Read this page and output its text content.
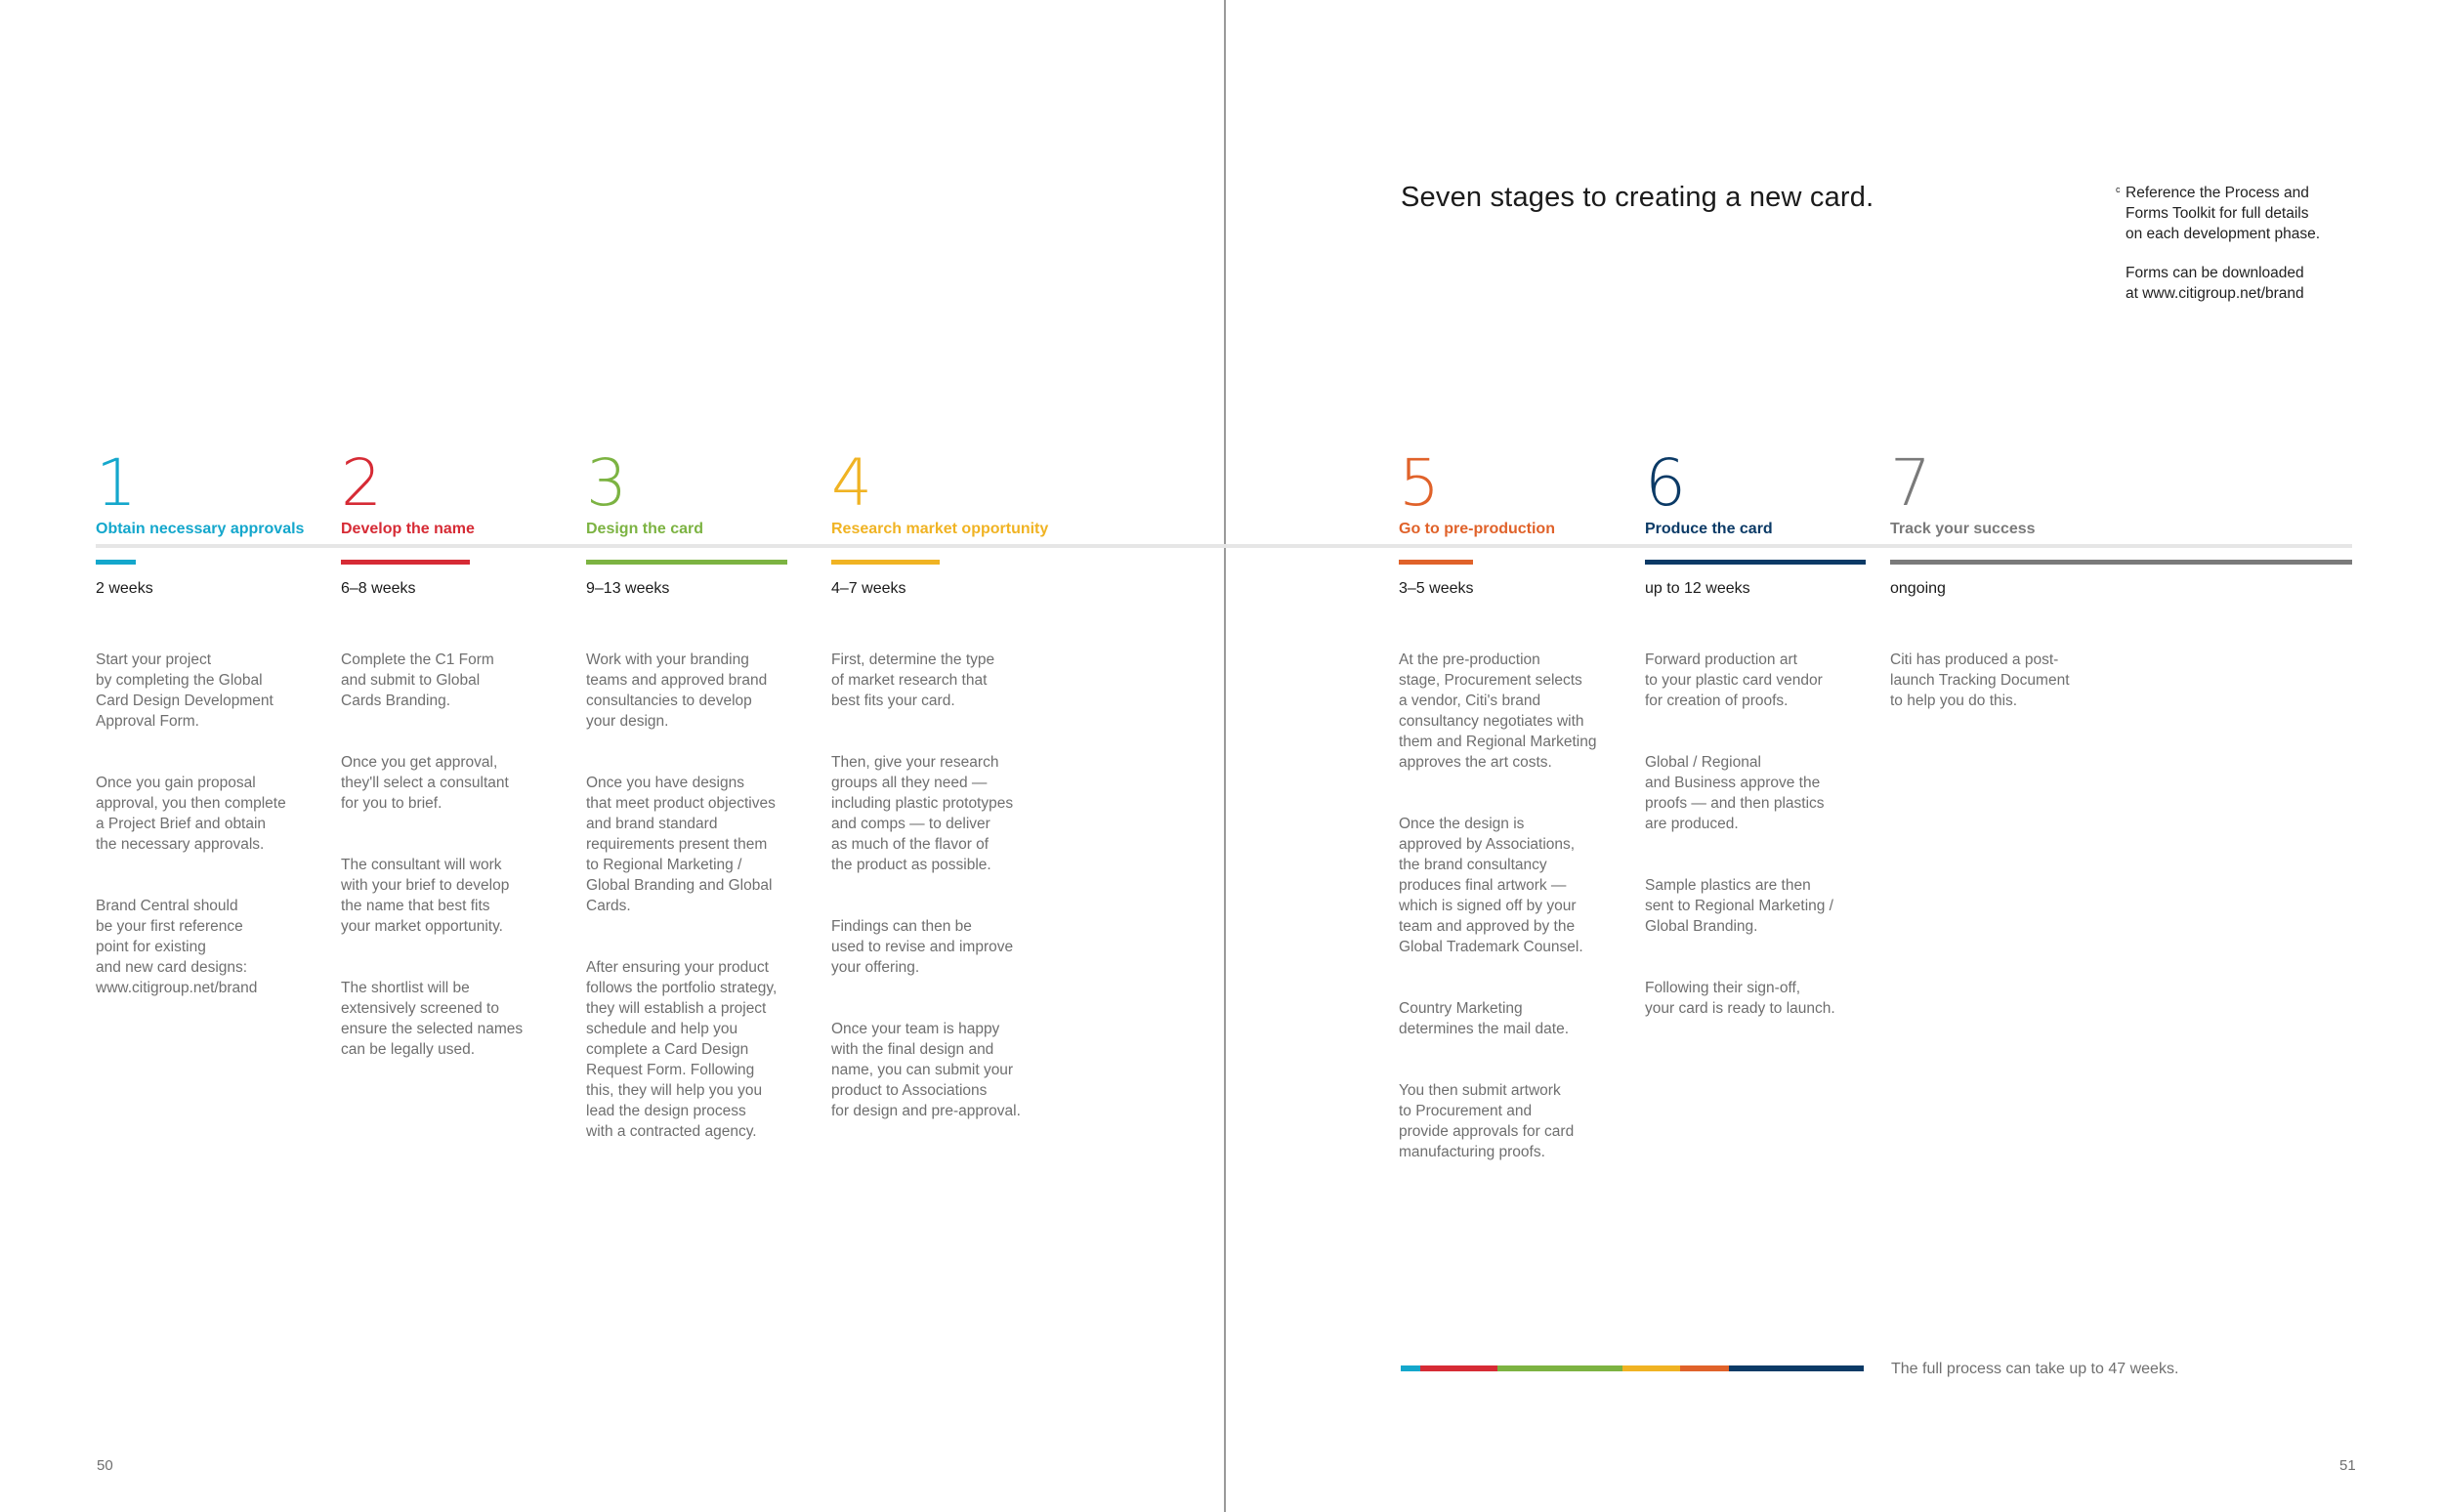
Seven stages to creating a new card.	c Reference the Process and
Forms Toolkit for full details
on each development phase.

Forms can be downloaded
at www.citigroup.net/brand

1
Obtain necessary approvals
2 weeks

Start your project
by completing the Global
Card Design Development
Approval Form.

Once you gain proposal
approval, you then complete
a Project Brief and obtain
the necessary approvals.

Brand Central should
be your first reference
point for existing
and new card designs:
www.citigroup.net/brand

2
Develop the name
6–8 weeks

Complete the C1 Form
and submit to Global
Cards Branding.

Once you get approval,
they'll select a consultant
for you to brief.

The consultant will work
with your brief to develop
the name that best fits
your market opportunity.

The shortlist will be
extensively screened to
ensure the selected names
can be legally used.

3
Design the card
9–13 weeks

Work with your branding
teams and approved brand
consultancies to develop
your design.

Once you have designs
that meet product objectives
and brand standard
requirements present them
to Regional Marketing /
Global Branding and Global
Cards.

After ensuring your product
follows the portfolio strategy,
they will establish a project
schedule and help you
complete a Card Design
Request Form. Following
this, they will help you you
lead the design process
with a contracted agency.

4
Research market opportunity
4–7 weeks

First, determine the type
of market research that
best fits your card.

Then, give your research
groups all they need —
including plastic prototypes
and comps — to deliver
as much of the flavor of
the product as possible.

Findings can then be
used to revise and improve
your offering.

Once your team is happy
with the final design and
name, you can submit your
product to Associations
for design and pre-approval.

5
Go to pre-production
3–5 weeks

At the pre-production
stage, Procurement selects
a vendor, Citi's brand
consultancy negotiates with
them and Regional Marketing
approves the art costs.

Once the design is
approved by Associations,
the brand consultancy
produces final artwork —
which is signed off by your
team and approved by the
Global Trademark Counsel.

Country Marketing
determines the mail date.

You then submit artwork
to Procurement and
provide approvals for card
manufacturing proofs.

6
Produce the card
up to 12 weeks

Forward production art
to your plastic card vendor
for creation of proofs.

Global / Regional
and Business approve the
proofs — and then plastics
are produced.

Sample plastics are then
sent to Regional Marketing /
Global Branding.

Following their sign-off,
your card is ready to launch.

7
Track your success
ongoing

Citi has produced a post-
launch Tracking Document
to help you do this.

The full process can take up to 47 weeks.
50	51
